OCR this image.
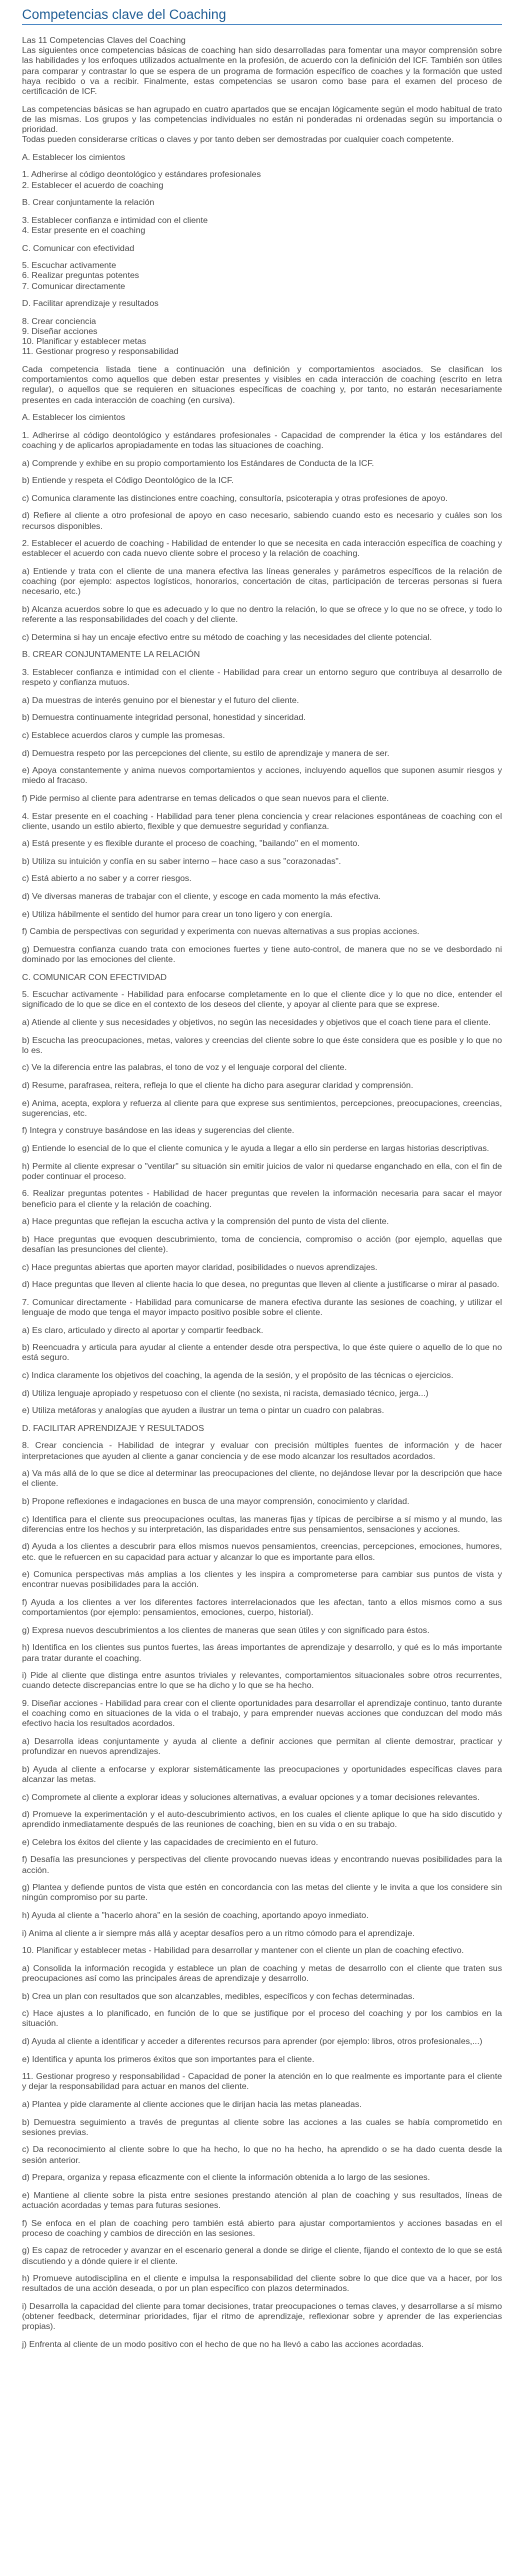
Competencias clave del Coaching

Las 11 Competencias Claves del Coaching
Las siguientes once competencias básicas de coaching han sido desarrolladas para fomentar una mayor comprensión sobre las habilidades y los enfoques utilizados actualmente en la profesión, de acuerdo con la definición del ICF. También son útiles para comparar y contrastar lo que se espera de un programa de formación específico de coaches y la formación que usted haya recibido o va a recibir. Finalmente, estas competencias se usaron como base para el examen del proceso de certificación de ICF.

Las competencias básicas se han agrupado en cuatro apartados que se encajan lógicamente según el modo habitual de trato de las mismas. Los grupos y las competencias individuales no están ni ponderadas ni ordenadas según su importancia o prioridad.
Todas pueden considerarse críticas o claves y por tanto deben ser demostradas por cualquier coach competente.

A. Establecer los cimientos

1. Adherirse al código deontológico y estándares profesionales
2. Establecer el acuerdo de coaching

B. Crear conjuntamente la relación

3. Establecer confianza e intimidad con el cliente
4. Estar presente en el coaching

C. Comunicar con efectividad

5. Escuchar activamente
6. Realizar preguntas potentes
7. Comunicar directamente

D. Facilitar aprendizaje y resultados

8. Crear conciencia
9. Diseñar acciones
10. Planificar y establecer metas
11. Gestionar progreso y responsabilidad

Cada competencia listada tiene a continuación una definición y comportamientos asociados. Se clasifican los comportamientos como aquellos que deben estar presentes y visibles en cada interacción de coaching (escrito en letra regular), o aquellos que se requieren en situaciones específicas de coaching y, por tanto, no estarán necesariamente presentes en cada interacción de coaching (en cursiva).

A. Establecer los cimientos

1. Adherirse al código deontológico y estándares profesionales - Capacidad de comprender la ética y los estándares del coaching y de aplicarlos apropiadamente en todas las situaciones de coaching.

a) Comprende y exhibe en su propio comportamiento los Estándares de Conducta de la ICF.

b) Entiende y respeta el Código Deontológico de la ICF.

c) Comunica claramente las distinciones entre coaching, consultoría, psicoterapia y otras profesiones de apoyo.

d) Refiere al cliente a otro profesional de apoyo en caso necesario, sabiendo cuando esto es necesario y cuáles son los recursos disponibles.

2. Establecer el acuerdo de coaching - Habilidad de entender lo que se necesita en cada interacción específica de coaching y establecer el acuerdo con cada nuevo cliente sobre el proceso y la relación de coaching.

a) Entiende y trata con el cliente de una manera efectiva las líneas generales y parámetros específicos de la relación de coaching (por ejemplo: aspectos logísticos, honorarios, concertación de citas, participación de terceras personas si fuera necesario, etc.)

b) Alcanza acuerdos sobre lo que es adecuado y lo que no dentro la relación, lo que se ofrece y lo que no se ofrece, y todo lo referente a las responsabilidades del coach y del cliente.

c) Determina si hay un encaje efectivo entre su método de coaching y las necesidades del cliente potencial.

B. CREAR CONJUNTAMENTE LA RELACIÓN

3. Establecer confianza e intimidad con el cliente - Habilidad para crear un entorno seguro que contribuya al desarrollo de respeto y confianza mutuos.

a) Da muestras de interés genuino por el bienestar y el futuro del cliente.

b) Demuestra continuamente integridad personal, honestidad y sinceridad.

c) Establece acuerdos claros y cumple las promesas.

d) Demuestra respeto por las percepciones del cliente, su estilo de aprendizaje y manera de ser.

e) Apoya constantemente y anima nuevos comportamientos y acciones, incluyendo aquellos que suponen asumir riesgos y miedo al fracaso.

f) Pide permiso al cliente para adentrarse en temas delicados o que sean nuevos para el cliente.

4. Estar presente en el coaching - Habilidad para tener plena conciencia y crear relaciones espontáneas de coaching con el cliente, usando un estilo abierto, flexible y que demuestre seguridad y confianza.

a) Está presente y es flexible durante el proceso de coaching, "bailando" en el momento.

b) Utiliza su intuición y confía en su saber interno – hace caso a sus "corazonadas".

c) Está abierto a no saber y a correr riesgos.

d) Ve diversas maneras de trabajar con el cliente, y escoge en cada momento la más efectiva.

e) Utiliza hábilmente el sentido del humor para crear un tono ligero y con energía.

f) Cambia de perspectivas con seguridad y experimenta con nuevas alternativas a sus propias acciones.

g) Demuestra confianza cuando trata con emociones fuertes y tiene auto-control, de manera que no se ve desbordado ni dominado por las emociones del cliente.

C. COMUNICAR CON EFECTIVIDAD

5. Escuchar activamente - Habilidad para enfocarse completamente en lo que el cliente dice y lo que no dice, entender el significado de lo que se dice en el contexto de los deseos del cliente, y apoyar al cliente para que se exprese.

a) Atiende al cliente y sus necesidades y objetivos, no según las necesidades y objetivos que el coach tiene para el cliente.

b) Escucha las preocupaciones, metas, valores y creencias del cliente sobre lo que éste considera que es posible y lo que no lo es.

c) Ve la diferencia entre las palabras, el tono de voz y el lenguaje corporal del cliente.

d) Resume, parafrasea, reitera, refleja lo que el cliente ha dicho para asegurar claridad y comprensión.

e) Anima, acepta, explora y refuerza al cliente para que exprese sus sentimientos, percepciones, preocupaciones, creencias, sugerencias, etc.

f) Integra y construye basándose en las ideas y sugerencias del cliente.

g) Entiende lo esencial de lo que el cliente comunica y le ayuda a llegar a ello sin perderse en largas historias descriptivas.

h) Permite al cliente expresar o "ventilar" su situación sin emitir juicios de valor ni quedarse enganchado en ella, con el fin de poder continuar el proceso.

6. Realizar preguntas potentes - Habilidad de hacer preguntas que revelen la información necesaria para sacar el mayor beneficio para el cliente y la relación de coaching.

a) Hace preguntas que reflejan la escucha activa y la comprensión del punto de vista del cliente.

b) Hace preguntas que evoquen descubrimiento, toma de conciencia, compromiso o acción (por ejemplo, aquellas que desafían las presunciones del cliente).

c) Hace preguntas abiertas que aporten mayor claridad, posibilidades o nuevos aprendizajes.

d) Hace preguntas que lleven al cliente hacia lo que desea, no preguntas que lleven al cliente a justificarse o mirar al pasado.

7. Comunicar directamente - Habilidad para comunicarse de manera efectiva durante las sesiones de coaching, y utilizar el lenguaje de modo que tenga el mayor impacto positivo posible sobre el cliente.

a) Es claro, articulado y directo al aportar y compartir feedback.

b) Reencuadra y articula para ayudar al cliente a entender desde otra perspectiva, lo que éste quiere o aquello de lo que no está seguro.

c) Indica claramente los objetivos del coaching, la agenda de la sesión, y el propósito de las técnicas o ejercicios.

d) Utiliza lenguaje apropiado y respetuoso con el cliente (no sexista, ni racista, demasiado técnico, jerga...)

e) Utiliza metáforas y analogías que ayuden a ilustrar un tema o pintar un cuadro con palabras.

D. FACILITAR APRENDIZAJE Y RESULTADOS

8. Crear conciencia - Habilidad de integrar y evaluar con precisión múltiples fuentes de información y de hacer interpretaciones que ayuden al cliente a ganar conciencia y de ese modo alcanzar los resultados acordados.

a) Va más allá de lo que se dice al determinar las preocupaciones del cliente, no dejándose llevar por la descripción que hace el cliente.

b) Propone reflexiones e indagaciones en busca de una mayor comprensión, conocimiento y claridad.

c) Identifica para el cliente sus preocupaciones ocultas, las maneras fijas y típicas de percibirse a sí mismo y al mundo, las diferencias entre los hechos y su interpretación, las disparidades entre sus pensamientos, sensaciones y acciones.

d) Ayuda a los clientes a descubrir para ellos mismos nuevos pensamientos, creencias, percepciones, emociones, humores, etc. que le refuercen en su capacidad para actuar y alcanzar lo que es importante para ellos.

e) Comunica perspectivas más amplias a los clientes y les inspira a comprometerse para cambiar sus puntos de vista y encontrar nuevas posibilidades para la acción.

f) Ayuda a los clientes a ver los diferentes factores interrelacionados que les afectan, tanto a ellos mismos como a sus comportamientos (por ejemplo: pensamientos, emociones, cuerpo, historial).

g) Expresa nuevos descubrimientos a los clientes de maneras que sean útiles y con significado para éstos.

h) Identifica en los clientes sus puntos fuertes, las áreas importantes de aprendizaje y desarrollo, y qué es lo más importante para tratar durante el coaching.

i) Pide al cliente que distinga entre asuntos triviales y relevantes, comportamientos situacionales sobre otros recurrentes, cuando detecte discrepancias entre lo que se ha dicho y lo que se ha hecho.

9. Diseñar acciones - Habilidad para crear con el cliente oportunidades para desarrollar el aprendizaje continuo, tanto durante el coaching como en situaciones de la vida o el trabajo, y para emprender nuevas acciones que conduzcan del modo más efectivo hacia los resultados acordados.

a) Desarrolla ideas conjuntamente y ayuda al cliente a definir acciones que permitan al cliente demostrar, practicar y profundizar en nuevos aprendizajes.

b) Ayuda al cliente a enfocarse y explorar sistemáticamente las preocupaciones y oportunidades específicas claves para alcanzar las metas.

c) Compromete al cliente a explorar ideas y soluciones alternativas, a evaluar opciones y a tomar decisiones relevantes.

d) Promueve la experimentación y el auto-descubrimiento activos, en los cuales el cliente aplique lo que ha sido discutido y aprendido inmediatamente después de las reuniones de coaching, bien en su vida o en su trabajo.

e) Celebra los éxitos del cliente y las capacidades de crecimiento en el futuro.

f) Desafía las presunciones y perspectivas del cliente provocando nuevas ideas y encontrando nuevas posibilidades para la acción.

g) Plantea y defiende puntos de vista que estén en concordancia con las metas del cliente y le invita a que los considere sin ningún compromiso por su parte.

h) Ayuda al cliente a "hacerlo ahora" en la sesión de coaching, aportando apoyo inmediato.

i) Anima al cliente a ir siempre más allá y aceptar desafíos pero a un ritmo cómodo para el aprendizaje.

10. Planificar y establecer metas - Habilidad para desarrollar y mantener con el cliente un plan de coaching efectivo.

a) Consolida la información recogida y establece un plan de coaching y metas de desarrollo con el cliente que traten sus preocupaciones así como las principales áreas de aprendizaje y desarrollo.

b) Crea un plan con resultados que son alcanzables, medibles, específicos y con fechas determinadas.

c) Hace ajustes a lo planificado, en función de lo que se justifique por el proceso del coaching y por los cambios en la situación.

d) Ayuda al cliente a identificar y acceder a diferentes recursos para aprender (por ejemplo: libros, otros profesionales,...)

e) Identifica y apunta los primeros éxitos que son importantes para el cliente.

11. Gestionar progreso y responsabilidad - Capacidad de poner la atención en lo que realmente es importante para el cliente y dejar la responsabilidad para actuar en manos del cliente.

a) Plantea y pide claramente al cliente acciones que le dirijan hacia las metas planeadas.

b) Demuestra seguimiento a través de preguntas al cliente sobre las acciones a las cuales se había comprometido en sesiones previas.

c) Da reconocimiento al cliente sobre lo que ha hecho, lo que no ha hecho, ha aprendido o se ha dado cuenta desde la sesión anterior.

d) Prepara, organiza y repasa eficazmente con el cliente la información obtenida a lo largo de las sesiones.

e) Mantiene al cliente sobre la pista entre sesiones prestando atención al plan de coaching y sus resultados, líneas de actuación acordadas y temas para futuras sesiones.

f) Se enfoca en el plan de coaching pero también está abierto para ajustar comportamientos y acciones basadas en el proceso de coaching y cambios de dirección en las sesiones.

g) Es capaz de retroceder y avanzar en el escenario general a donde se dirige el cliente, fijando el contexto de lo que se está discutiendo y a dónde quiere ir el cliente.

h) Promueve autodisciplina en el cliente e impulsa la responsabilidad del cliente sobre lo que dice que va a hacer, por los resultados de una acción deseada, o por un plan específico con plazos determinados.

i) Desarrolla la capacidad del cliente para tomar decisiones, tratar preocupaciones o temas claves, y desarrollarse a sí mismo (obtener feedback, determinar prioridades, fijar el ritmo de aprendizaje, reflexionar sobre y aprender de las experiencias propias).

j) Enfrenta al cliente de un modo positivo con el hecho de que no ha llevó a cabo las acciones acordadas.
